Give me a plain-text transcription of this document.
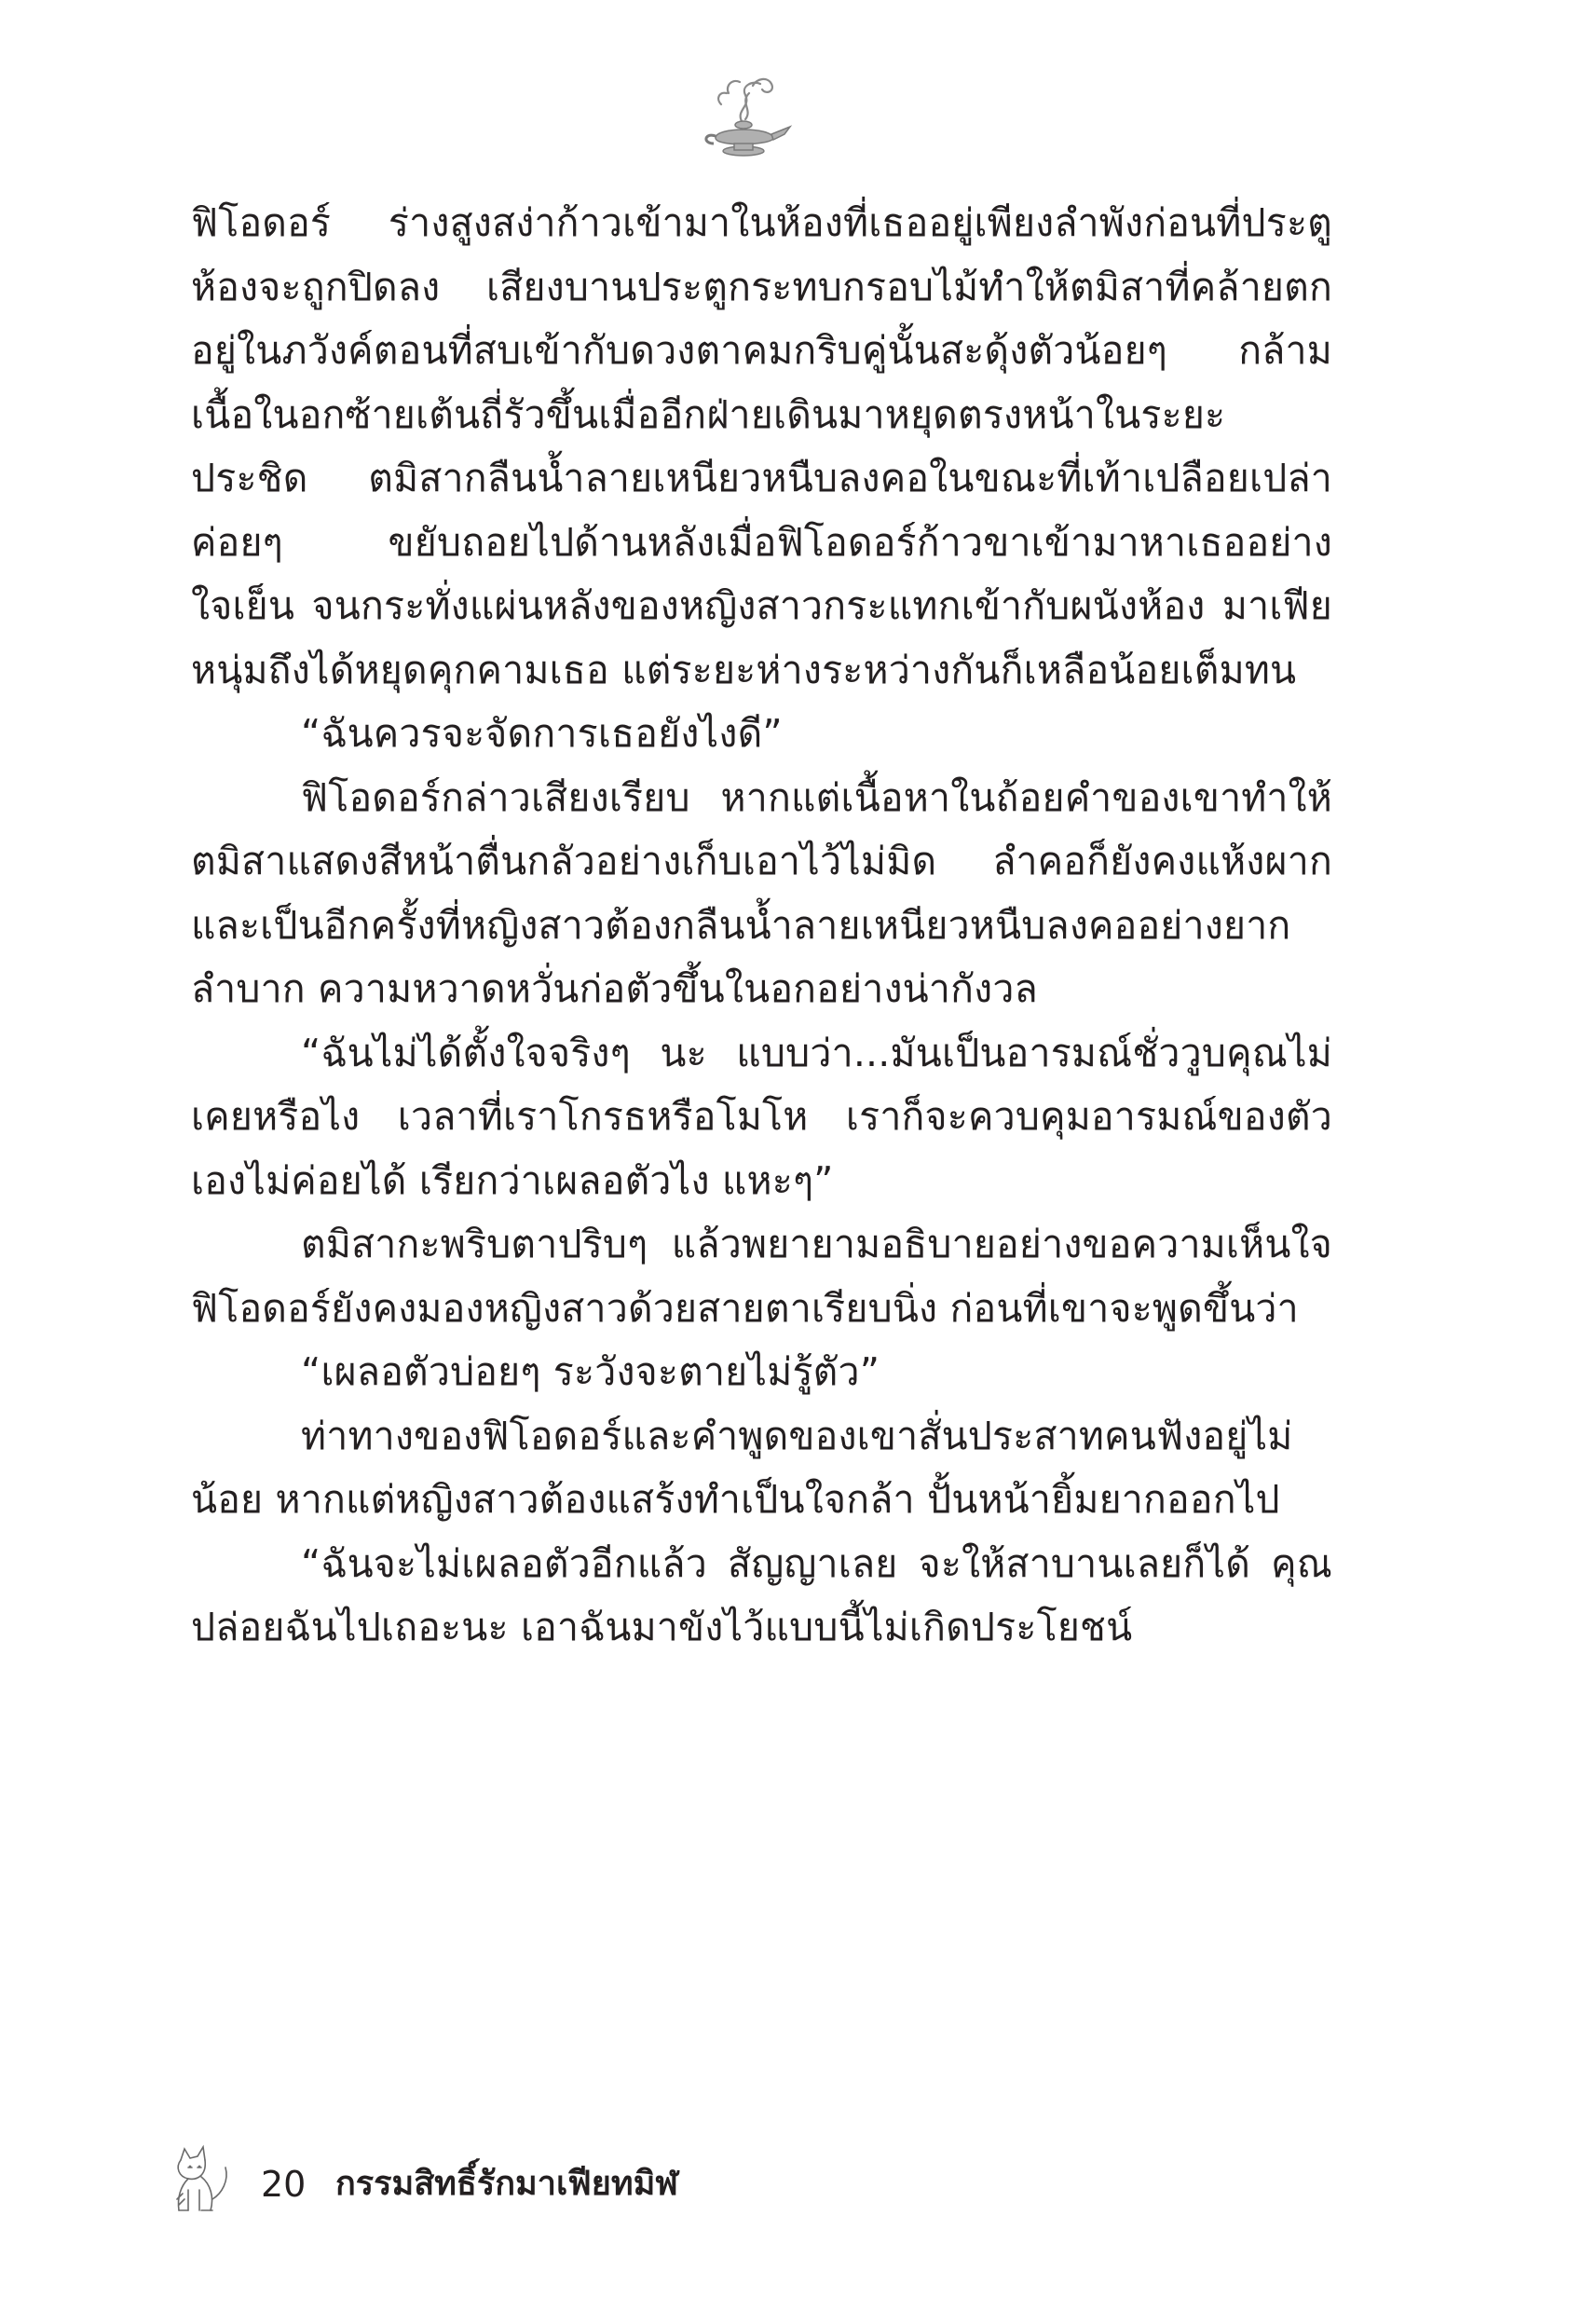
ฟิโอดอร์ ร่างสูงสง่าก้าวเข้ามาในห้องที่เธออยู่เพียงลำพังก่อนที่ประตูห้องจะถูกปิดลง เสียงบานประตูกระทบกรอบไม้ทำให้ตมิสาที่คล้ายตกอยู่ในภวังค์ตอนที่สบเข้ากับดวงตาคมกริบคู่นั้นสะดุ้งตัวน้อยๆ กล้ามเนื้อในอกซ้ายเต้นถี่รัวขึ้นเมื่ออีกฝ่ายเดินมาหยุดตรงหน้าในระยะประชิด ตมิสากลืนน้ำลายเหนียวหนืบลงคอในขณะที่เท้าเปลือยเปล่าค่อยๆ ขยับถอยไปด้านหลังเมื่อฟิโอดอร์ก้าวขาเข้ามาหาเธออย่างใจเย็น จนกระทั่งแผ่นหลังของหญิงสาวกระแทกเข้ากับผนังห้อง มาเฟียหนุ่มถึงได้หยุดคุกคามเธอ แต่ระยะห่างระหว่างกันก็เหลือน้อยเต็มทน

“ฉันควรจะจัดการเธอยังไงดี”

ฟิโอดอร์กล่าวเสียงเรียบ หากแต่เนื้อหาในถ้อยคำของเขาทำให้ตมิสาแสดงสีหน้าตื่นกลัวอย่างเก็บเอาไว้ไม่มิด ลำคอก็ยังคงแห้งผาก และเป็นอีกครั้งที่หญิงสาวต้องกลืนน้ำลายเหนียวหนืบลงคออย่างยากลำบาก ความหวาดหวั่นก่อตัวขึ้นในอกอย่างน่ากังวล

“ฉันไม่ได้ตั้งใจจริงๆ นะ แบบว่า...มันเป็นอารมณ์ชั่ววูบคุณไม่เคยหรือไง เวลาที่เราโกรธหรือโมโห เราก็จะควบคุมอารมณ์ของตัวเองไม่ค่อยได้ เรียกว่าเผลอตัวไง แหะๆ”

ตมิสากะพริบตาปริบๆ แล้วพยายามอธิบายอย่างขอความเห็นใจ ฟิโอดอร์ยังคงมองหญิงสาวด้วยสายตาเรียบนิ่ง ก่อนที่เขาจะพูดขึ้นว่า

“เผลอตัวบ่อยๆ ระวังจะตายไม่รู้ตัว”

ท่าทางของฟิโอดอร์และคำพูดของเขาสั่นประสาทคนฟังอยู่ไม่น้อย หากแต่หญิงสาวต้องแสร้งทำเป็นใจกล้า ปั้นหน้ายิ้มยากออกไป

“ฉันจะไม่เผลอตัวอีกแล้ว สัญญาเลย จะให้สาบานเลยก็ได้ คุณปล่อยฉันไปเถอะนะ เอาฉันมาขังไว้แบบนี้ไม่เกิดประโยชน์

20 กรรมสิทธิ์รักมาเฟียทมิฬ
